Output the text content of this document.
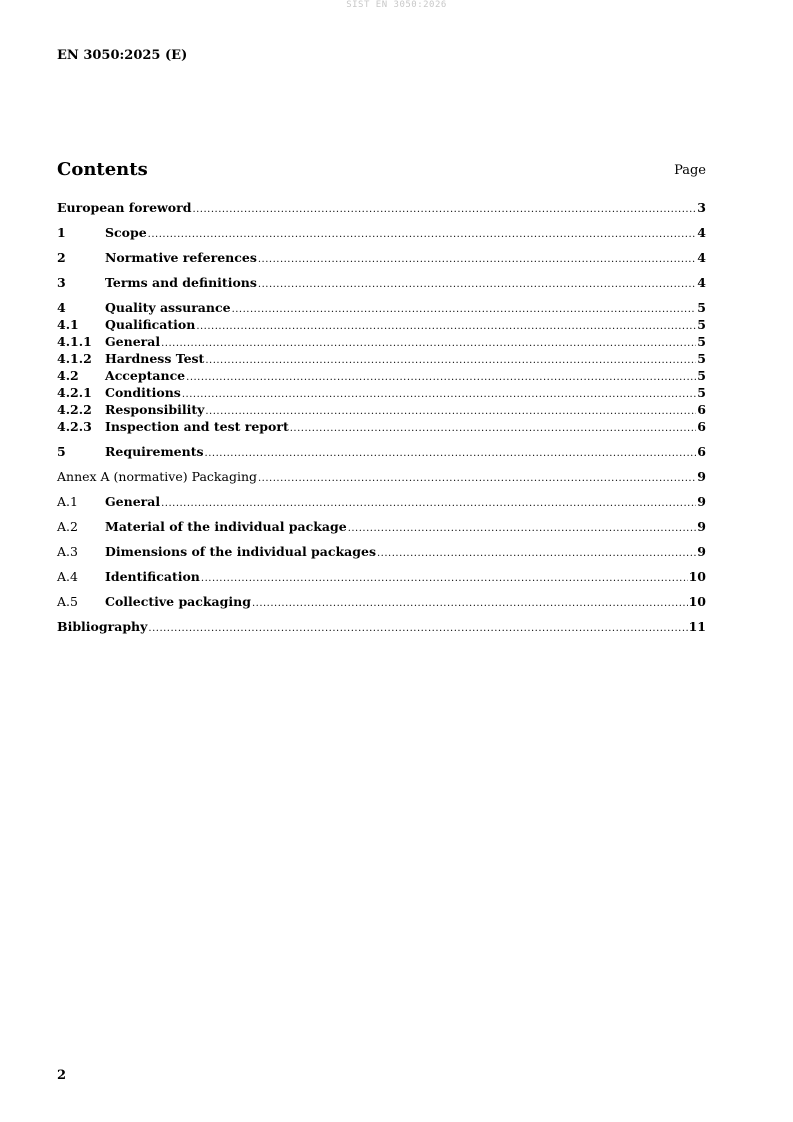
SIST EN 3050:2026
EN 3050:2025 (E)
Contents	Page
European foreword .....	3
1	Scope .....	4
2	Normative references .....	4
3	Terms and definitions .....	4
4	Quality assurance .....	5
4.1	Qualification .....	5
4.1.1	General .....	5
4.1.2	Hardness Test .....	5
4.2	Acceptance .....	5
4.2.1	Conditions .....	5
4.2.2	Responsibility .....	6
4.2.3	Inspection and test report .....	6
5	Requirements .....	6
Annex A (normative) Packaging .....	9
A.1	General .....	9
A.2	Material of the individual package .....	9
A.3	Dimensions of the individual packages .....	9
A.4	Identification .....	10
A.5	Collective packaging .....	10
Bibliography .....	11
2
